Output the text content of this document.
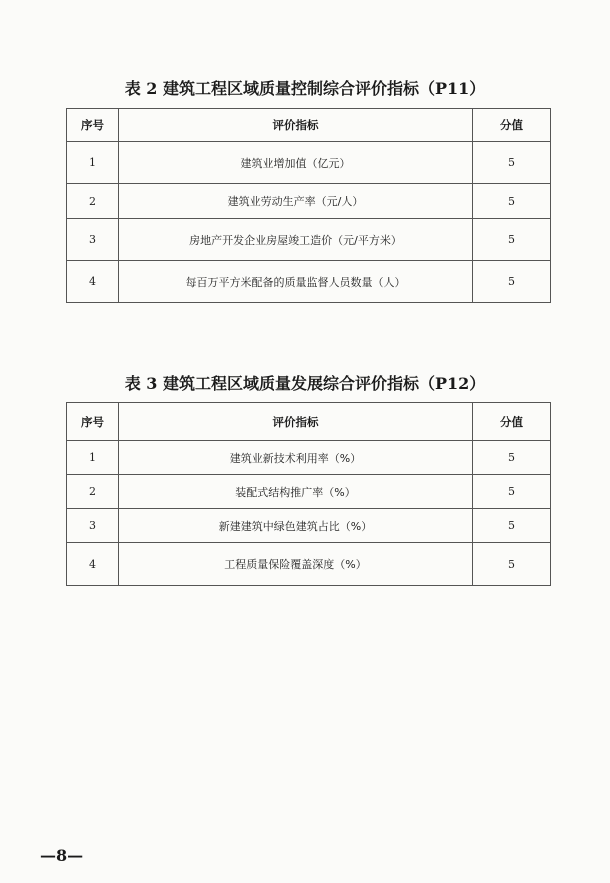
表 2 建筑工程区域质量控制综合评价指标（P11）
序号	评价指标	分值
1	建筑业增加值（亿元）	5
2	建筑业劳动生产率（元/人）	5
3	房地产开发企业房屋竣工造价（元/平方米）	5
4	每百万平方米配备的质量监督人员数量（人）	5
表 3 建筑工程区域质量发展综合评价指标（P12）
序号	评价指标	分值
1	建筑业新技术利用率（%）	5
2	装配式结构推广率（%）	5
3	新建建筑中绿色建筑占比（%）	5
4	工程质量保险覆盖深度（%）	5
—8—
